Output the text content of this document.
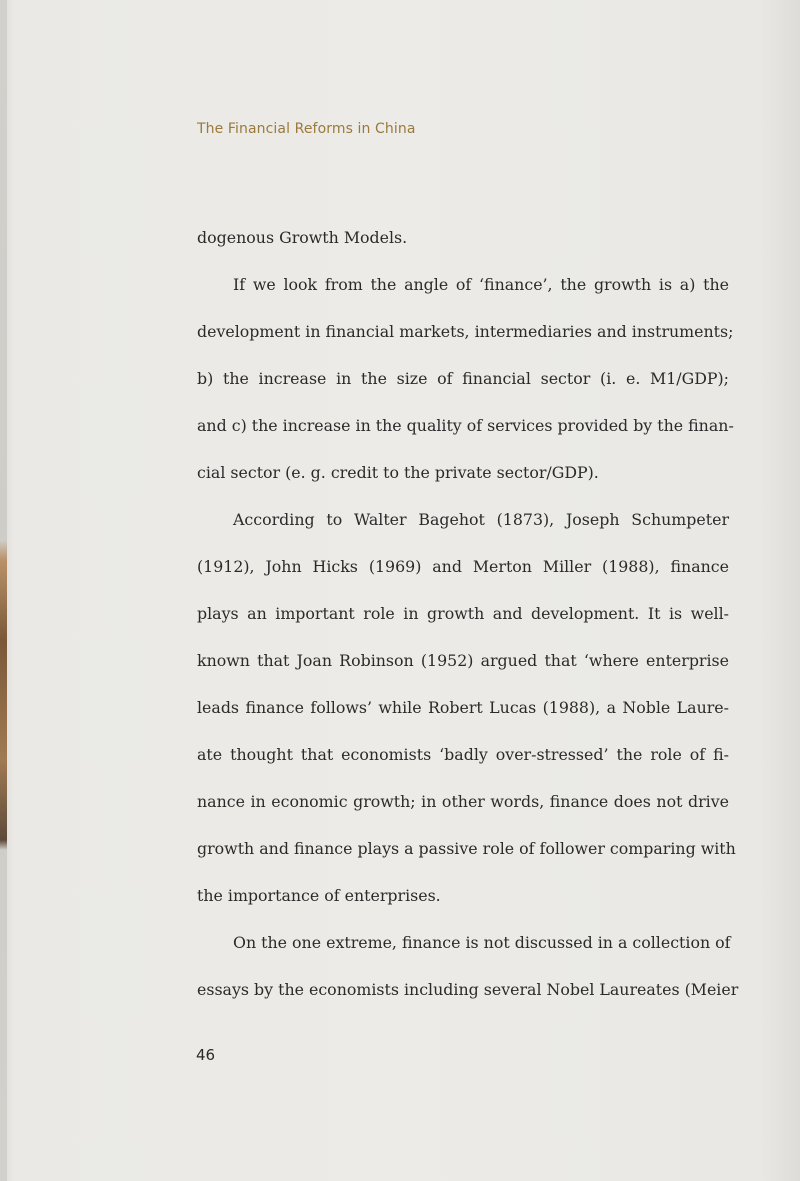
The Financial Reforms in China
dogenous Growth Models.
If we look from the angle of ‘finance’, the growth is a) the
development in financial markets, intermediaries and instruments;
b) the increase in the size of financial sector (i. e. M1/GDP);
and c) the increase in the quality of services provided by the finan-
cial sector (e. g. credit to the private sector/GDP).
According to Walter Bagehot (1873), Joseph Schumpeter
(1912), John Hicks (1969) and Merton Miller (1988), finance
plays an important role in growth and development. It is well-
known that Joan Robinson (1952) argued that ‘where enterprise
leads finance follows’ while Robert Lucas (1988), a Noble Laure-
ate thought that economists ‘badly over-stressed’ the role of fi-
nance in economic growth; in other words, finance does not drive
growth and finance plays a passive role of follower comparing with
the importance of enterprises.
On the one extreme, finance is not discussed in a collection of
essays by the economists including several Nobel Laureates (Meier
46
